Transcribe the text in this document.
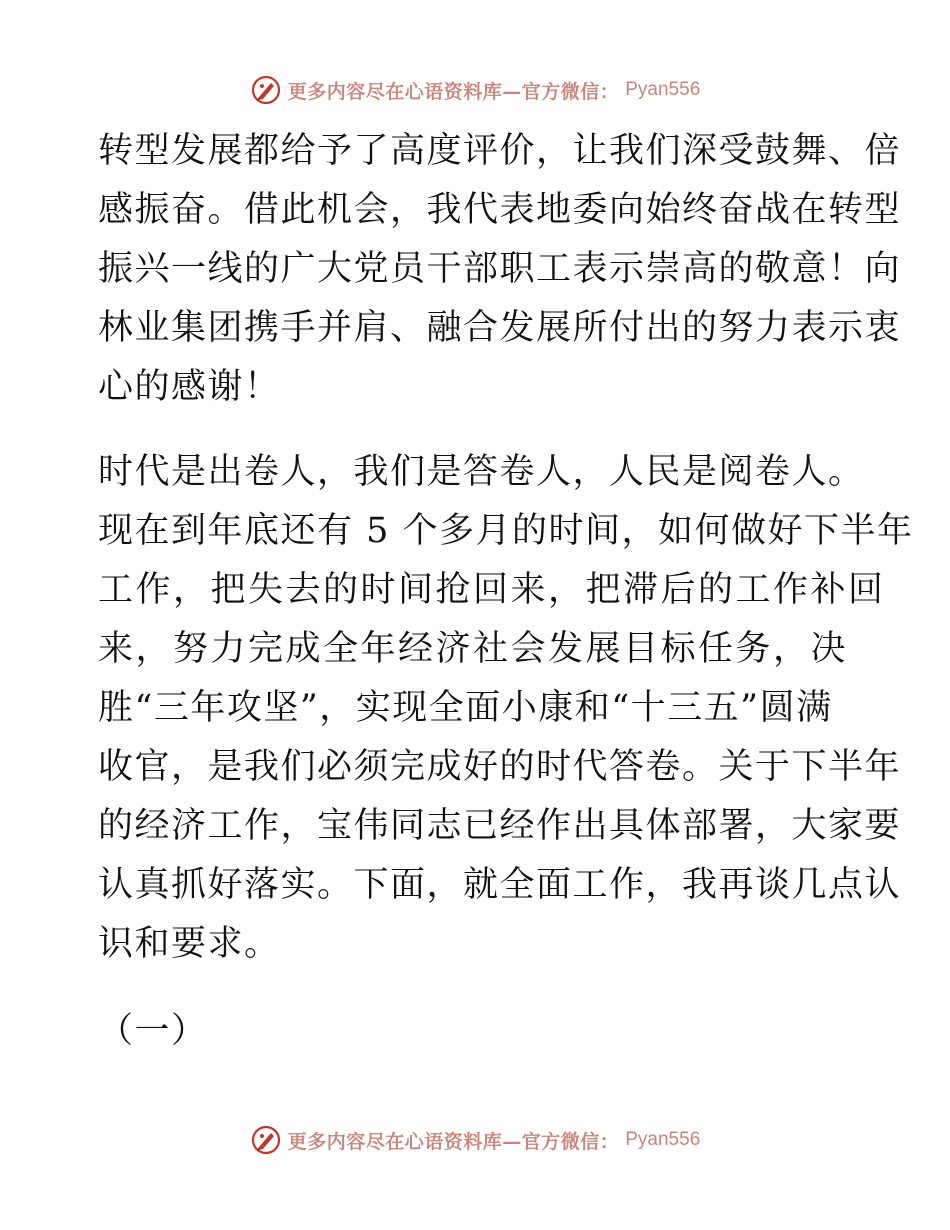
更多内容尽在心语资料库—官方微信： Pyan556
转型发展都给予了高度评价，让我们深受鼓舞、倍
感振奋。借此机会，我代表地委向始终奋战在转型
振兴一线的广大党员干部职工表示崇高的敬意！向
林业集团携手并肩、融合发展所付出的努力表示衷
心的感谢！
时代是出卷人，我们是答卷人，人民是阅卷人。
现在到年底还有 5 个多月的时间，如何做好下半年
工作，把失去的时间抢回来，把滞后的工作补回
来，努力完成全年经济社会发展目标任务，决
胜“三年攻坚”，实现全面小康和“十三五”圆满
收官，是我们必须完成好的时代答卷。关于下半年
的经济工作，宝伟同志已经作出具体部署，大家要
认真抓好落实。下面，就全面工作，我再谈几点认
识和要求。
（一）
更多内容尽在心语资料库—官方微信： Pyan556
